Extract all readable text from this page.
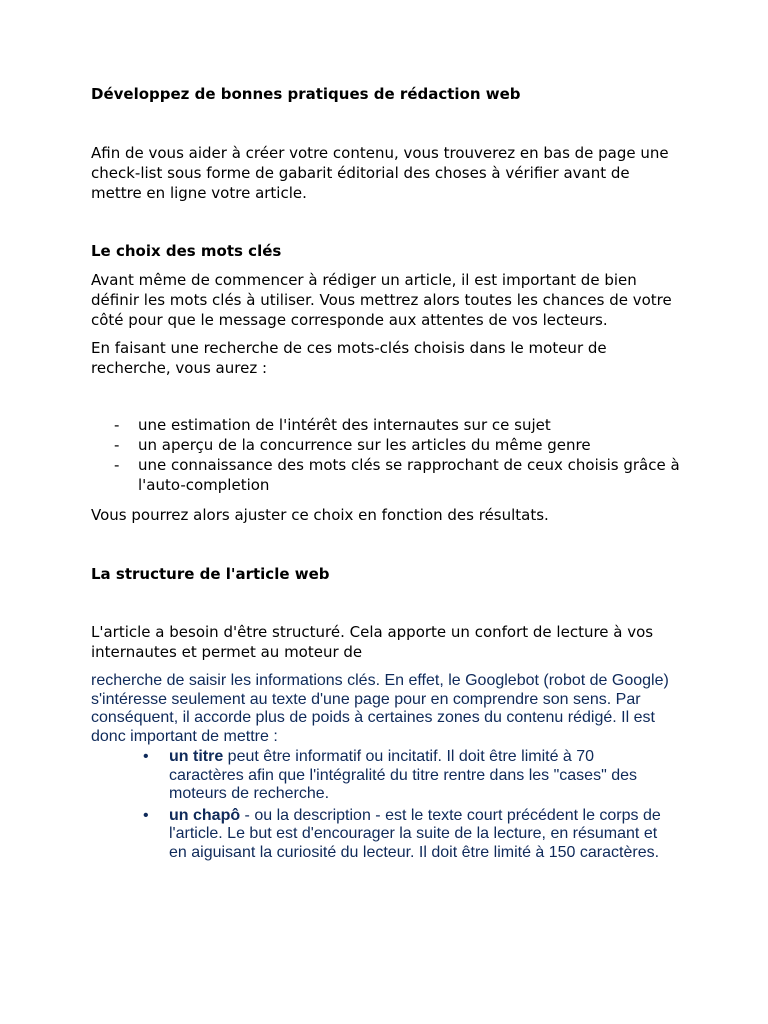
Développez de bonnes pratiques de rédaction web

Afin de vous aider à créer votre contenu, vous trouverez en bas de page une check-list sous forme de gabarit éditorial des choses à vérifier avant de mettre en ligne votre article.

Le choix des mots clés

Avant même de commencer à rédiger un article, il est important de bien définir les mots clés à utiliser. Vous mettrez alors toutes les chances de votre côté pour que le message corresponde aux attentes de vos lecteurs.

En faisant une recherche de ces mots-clés choisis dans le moteur de recherche, vous aurez :

- une estimation de l'intérêt des internautes sur ce sujet
- un aperçu de la concurrence sur les articles du même genre
- une connaissance des mots clés se rapprochant de ceux choisis grâce à l'auto-completion

Vous pourrez alors ajuster ce choix en fonction des résultats.

La structure de l'article web

L'article a besoin d'être structuré. Cela apporte un confort de lecture à vos internautes et permet au moteur de

recherche de saisir les informations clés. En effet, le Googlebot (robot de Google) s'intéresse seulement au texte d'une page pour en comprendre son sens. Par conséquent, il accorde plus de poids à certaines zones du contenu rédigé. Il est donc important de mettre :

• un titre peut être informatif ou incitatif. Il doit être limité à 70 caractères afin que l'intégralité du titre rentre dans les "cases" des moteurs de recherche.
• un chapô - ou la description - est le texte court précédent le corps de l'article. Le but est d'encourager la suite de la lecture, en résumant et en aiguisant la curiosité du lecteur. Il doit être limité à 150 caractères.
